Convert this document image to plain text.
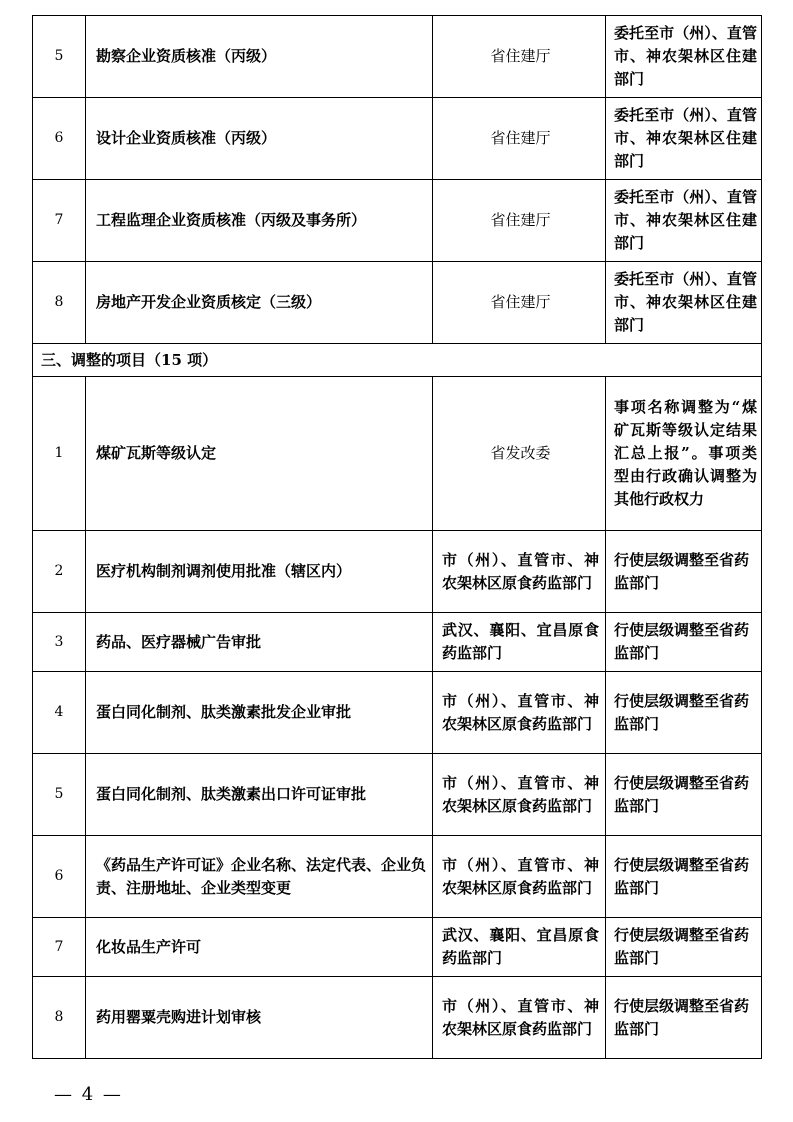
5	勘察企业资质核准（丙级）	省住建厅	委托至市（州）、直管市、神农架林区住建部门
6	设计企业资质核准（丙级）	省住建厅	委托至市（州）、直管市、神农架林区住建部门
7	工程监理企业资质核准（丙级及事务所）	省住建厅	委托至市（州）、直管市、神农架林区住建部门
8	房地产开发企业资质核定（三级）	省住建厅	委托至市（州）、直管市、神农架林区住建部门
三、调整的项目（15 项）			
1	煤矿瓦斯等级认定	省发改委	事项名称调整为“煤矿瓦斯等级认定结果汇总上报”。事项类型由行政确认调整为其他行政权力
2	医疗机构制剂调剂使用批准（辖区内）	市（州）、直管市、神农架林区原食药监部门	行使层级调整至省药监部门
3	药品、医疗器械广告审批	武汉、襄阳、宜昌原食药监部门	行使层级调整至省药监部门
4	蛋白同化制剂、肽类激素批发企业审批	市（州）、直管市、神农架林区原食药监部门	行使层级调整至省药监部门
5	蛋白同化制剂、肽类激素出口许可证审批	市（州）、直管市、神农架林区原食药监部门	行使层级调整至省药监部门
6	《药品生产许可证》企业名称、法定代表、企业负责、注册地址、企业类型变更	市（州）、直管市、神农架林区原食药监部门	行使层级调整至省药监部门
7	化妆品生产许可	武汉、襄阳、宜昌原食药监部门	行使层级调整至省药监部门
8	药用罂粟壳购进计划审核	市（州）、直管市、神农架林区原食药监部门	行使层级调整至省药监部门
— 4 —
